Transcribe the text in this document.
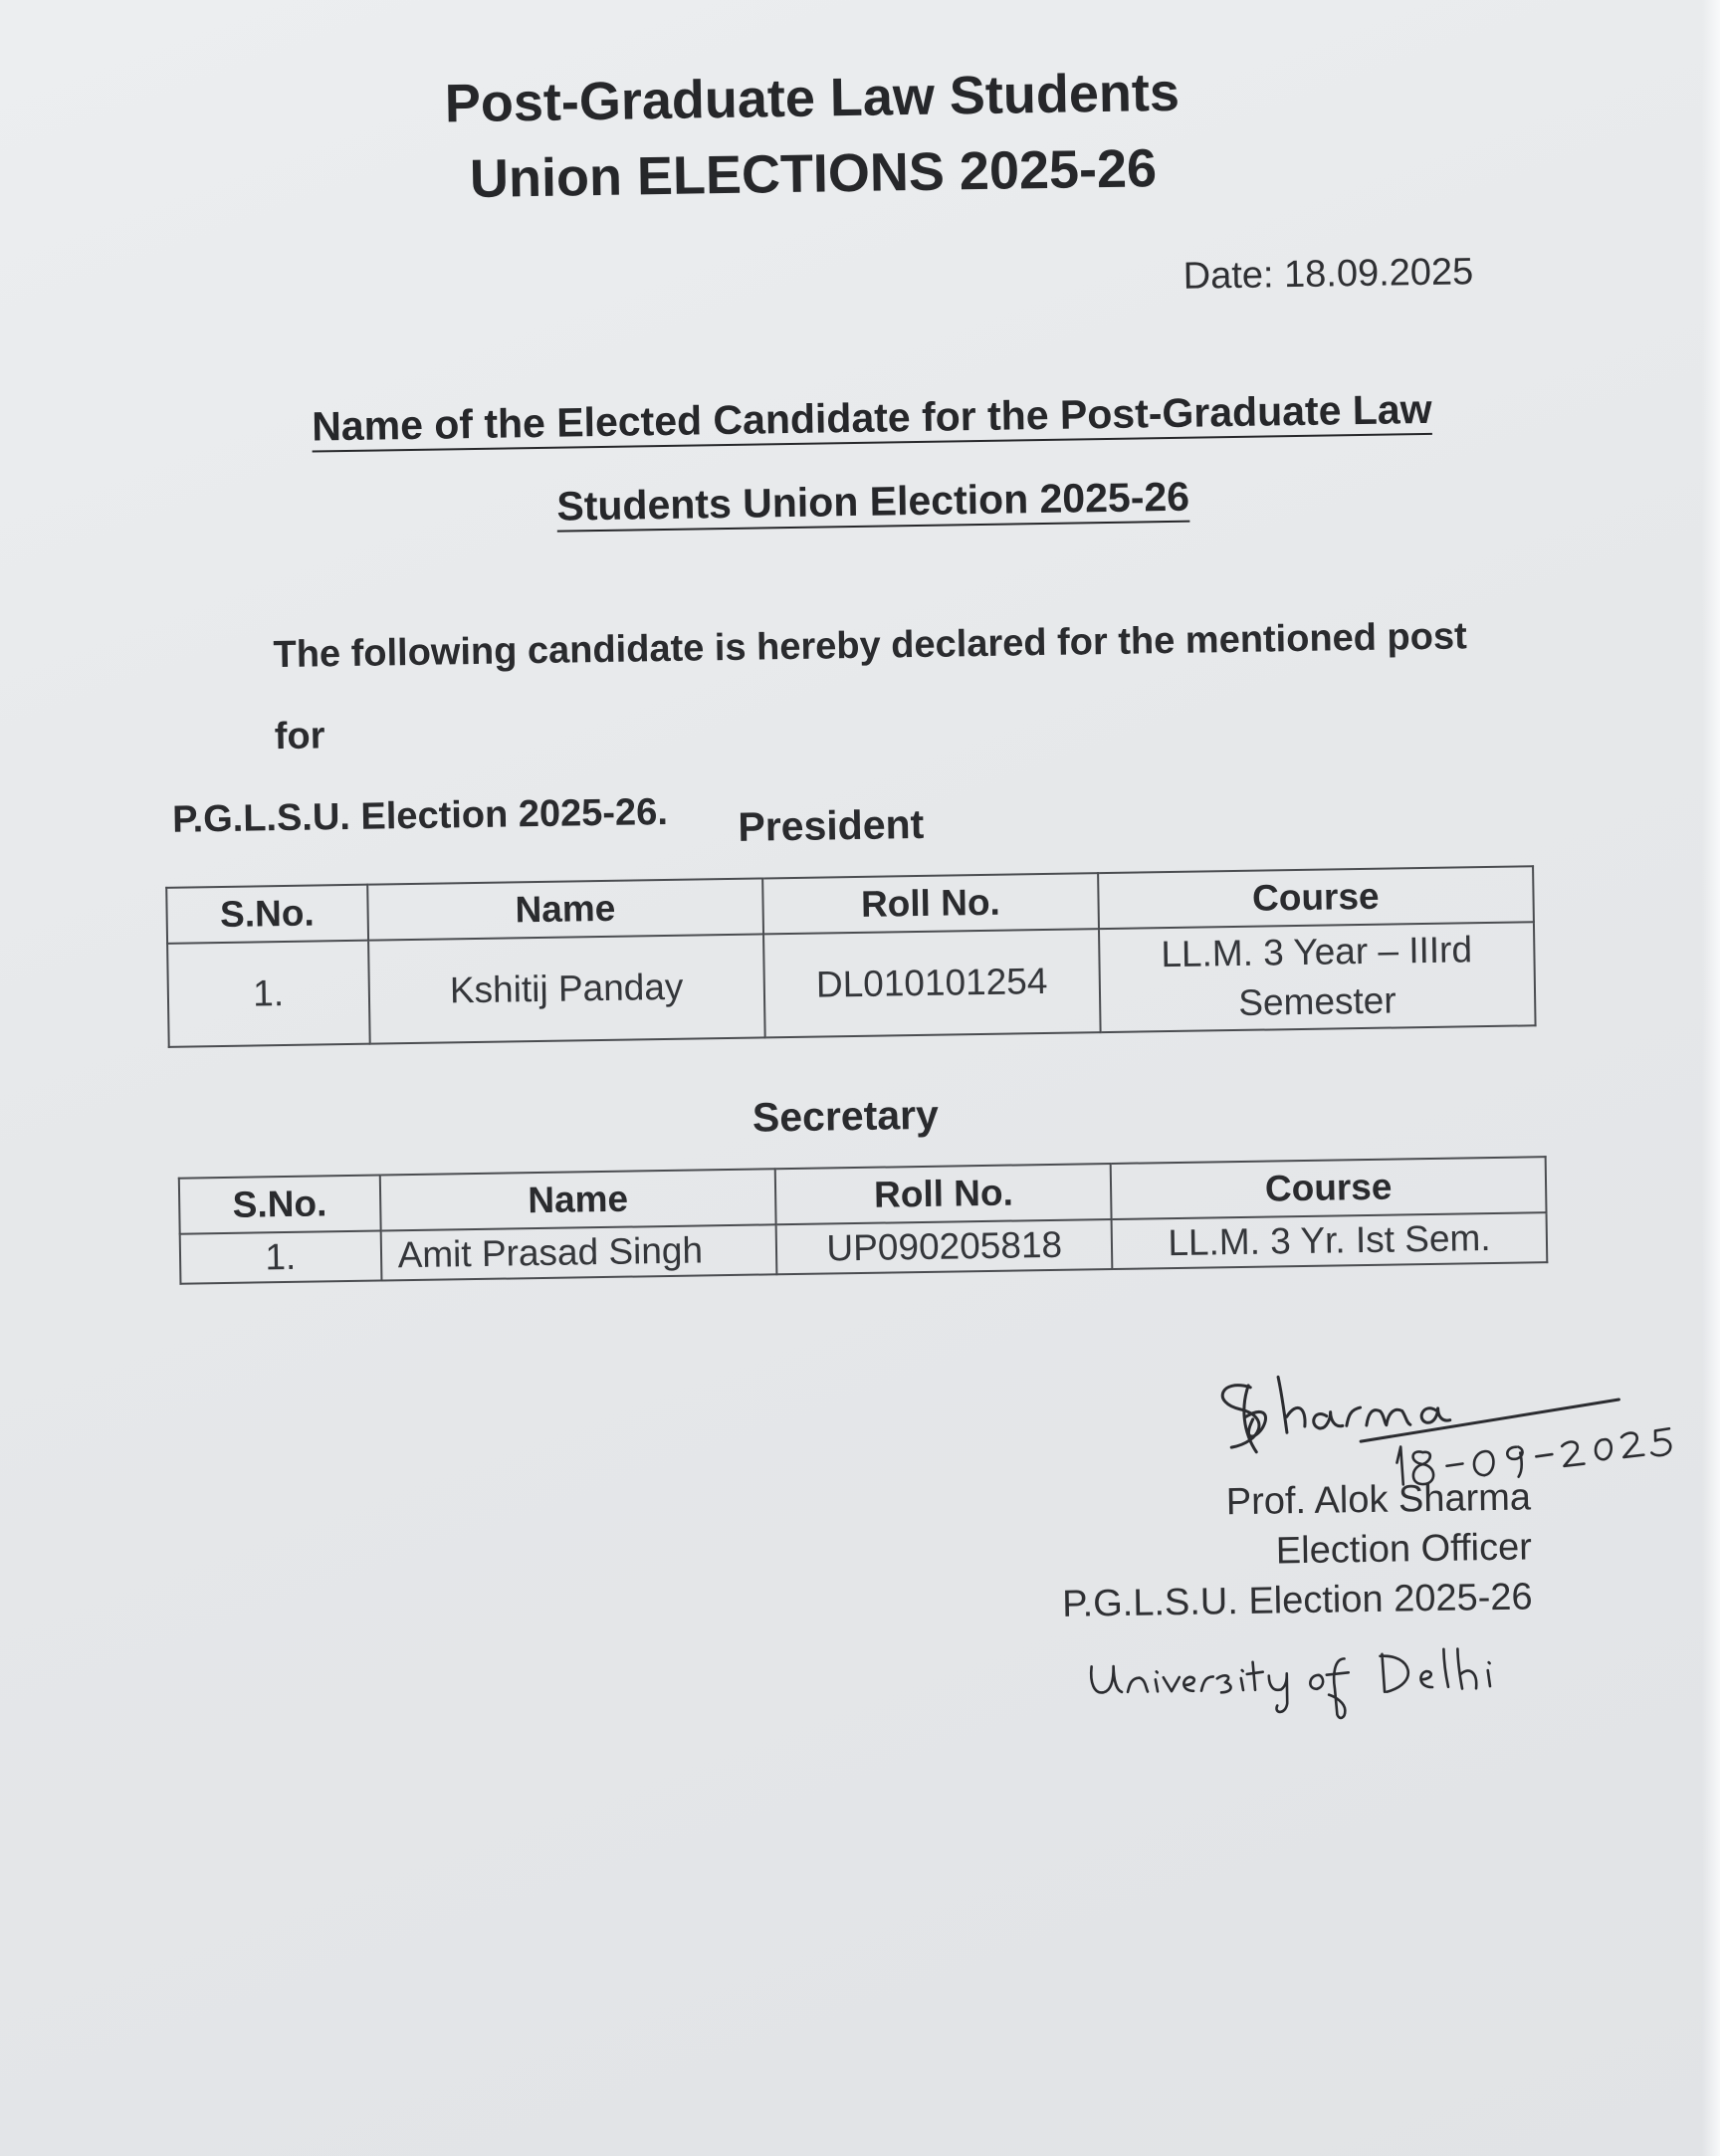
Post-Graduate Law Students
Union ELECTIONS 2025-26
Date: 18.09.2025
Name of the Elected Candidate for the Post-Graduate Law
Students Union Election 2025-26
The following candidate is hereby declared for the mentioned post for
P.G.L.S.U. Election 2025-26.	President
S.No.	Name	Roll No.	Course
1.	Kshitij Panday	DL010101254	LL.M. 3 Year – IIIrd
Semester
Secretary
S.No.	Name	Roll No.	Course
1.	Amit Prasad Singh	UP090205818	LL.M. 3 Yr. Ist Sem.
Prof. Alok Sharma
Election Officer
P.G.L.S.U. Election 2025-26
